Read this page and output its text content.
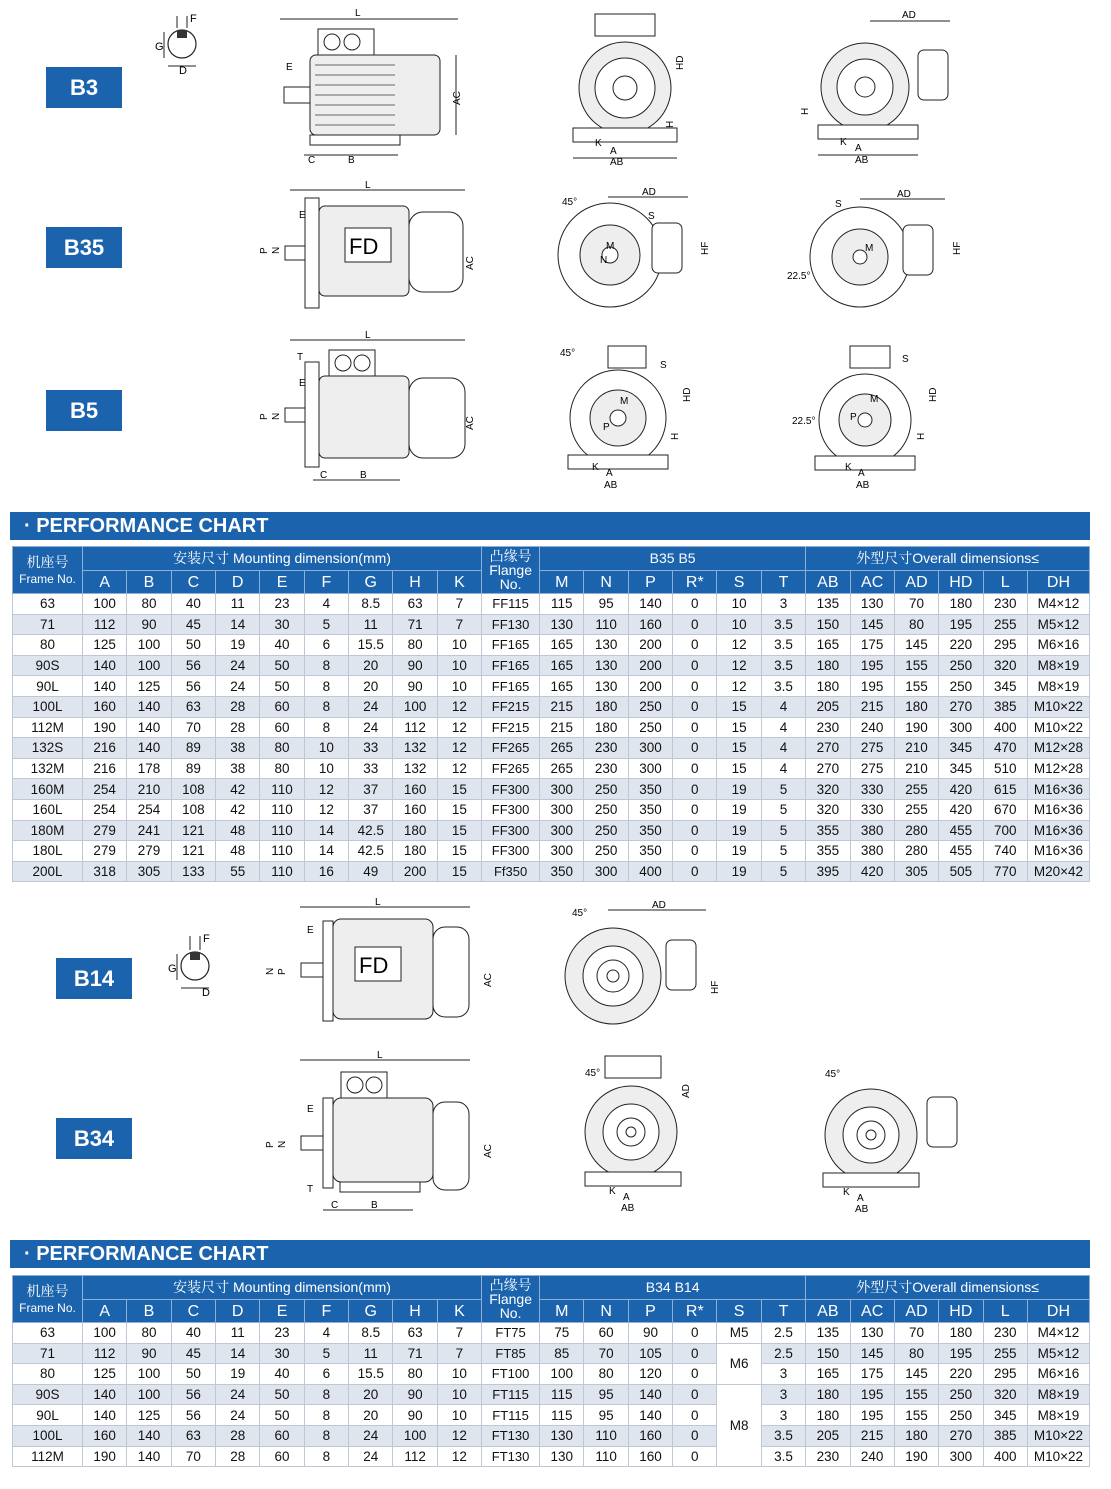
B3
B35
B5
B14
B34
F
G
D
L
E
C	B
AC
K
A
AB
HD
H
AD
K
A
AB
H
L
FD
E
P N
AC
45°
AD
S
M
N
HF
AD
S
M
22.5°
HF
L
T
E
P N
C	B
AC
45°
S
M
P
K
A
AB
HD
H
S
M
P
22.5°
K
A
AB
HD
H
· PERFORMANCE CHART
机座号
Frame No.	安装尺寸 Mounting dimension(mm)									凸缘号
Flange
No.	B35 B5						外型尺寸Overall dimensions≤					
	A	B	C	D	E	F	G	H	K		M	N	P	R*	S	T	AB	AC	AD	HD	L	DH
63	100	80	40	11	23	4	8.5	63	7	FF115	115	95	140	0	10	3	135	130	70	180	230	M4×12
71	112	90	45	14	30	5	11	71	7	FF130	130	110	160	0	10	3.5	150	145	80	195	255	M5×12
80	125	100	50	19	40	6	15.5	80	10	FF165	165	130	200	0	12	3.5	165	175	145	220	295	M6×16
90S	140	100	56	24	50	8	20	90	10	FF165	165	130	200	0	12	3.5	180	195	155	250	320	M8×19
90L	140	125	56	24	50	8	20	90	10	FF165	165	130	200	0	12	3.5	180	195	155	250	345	M8×19
100L	160	140	63	28	60	8	24	100	12	FF215	215	180	250	0	15	4	205	215	180	270	385	M10×22
112M	190	140	70	28	60	8	24	112	12	FF215	215	180	250	0	15	4	230	240	190	300	400	M10×22
132S	216	140	89	38	80	10	33	132	12	FF265	265	230	300	0	15	4	270	275	210	345	470	M12×28
132M	216	178	89	38	80	10	33	132	12	FF265	265	230	300	0	15	4	270	275	210	345	510	M12×28
160M	254	210	108	42	110	12	37	160	15	FF300	300	250	350	0	19	5	320	330	255	420	615	M16×36
160L	254	254	108	42	110	12	37	160	15	FF300	300	250	350	0	19	5	320	330	255	420	670	M16×36
180M	279	241	121	48	110	14	42.5	180	15	FF300	300	250	350	0	19	5	355	380	280	455	700	M16×36
180L	279	279	121	48	110	14	42.5	180	15	FF300	300	250	350	0	19	5	355	380	280	455	740	M16×36
200L	318	305	133	55	110	16	49	200	15	Ff350	350	300	400	0	19	5	395	420	305	505	770	M20×42
F
G
D
L
FD
E
N P
AC
45°
AD
HF
L
E
P N
T
C	B
AC
45°
AD
K
A
AB
45°
K
A
AB
· PERFORMANCE CHART
机座号
Frame No.	安装尺寸 Mounting dimension(mm)									凸缘号
Flange
No.	B34 B14						外型尺寸Overall dimensions≤					
	A	B	C	D	E	F	G	H	K		M	N	P	R*	S	T	AB	AC	AD	HD	L	DH
63	100	80	40	11	23	4	8.5	63	7	FT75	75	60	90	0	M5	2.5	135	130	70	180	230	M4×12
71	112	90	45	14	30	5	11	71	7	FT85	85	70	105	0	M6	2.5	150	145	80	195	255	M5×12
80	125	100	50	19	40	6	15.5	80	10	FT100	100	80	120	0		3	165	175	145	220	295	M6×16
90S	140	100	56	24	50	8	20	90	10	FT115	115	95	140	0	M8	3	180	195	155	250	320	M8×19
90L	140	125	56	24	50	8	20	90	10	FT115	115	95	140	0		3	180	195	155	250	345	M8×19
100L	160	140	63	28	60	8	24	100	12	FT130	130	110	160	0		3.5	205	215	180	270	385	M10×22
112M	190	140	70	28	60	8	24	112	12	FT130	130	110	160	0		3.5	230	240	190	300	400	M10×22
